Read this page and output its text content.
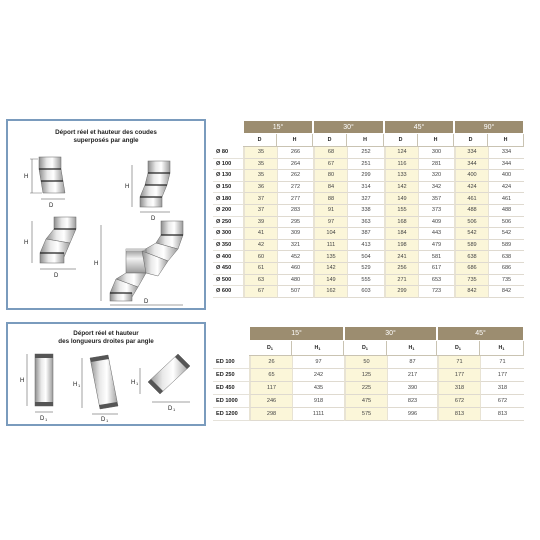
Déport réel et hauteur des coudes
superposés par angle
H
D
H
D
H
D
H
D
Déport réel et hauteur
des longueurs droites par angle
H
D 1
H 1
D 1
H 1
D 1
	15°		30°		45°		90°	
	D	H	D	H	D	H	D	H
Ø 80	35	266	68	252	124	300	334	334
Ø 100	35	264	67	251	116	281	344	344
Ø 130	35	262	80	299	133	320	400	400
Ø 150	36	272	84	314	142	342	424	424
Ø 180	37	277	88	327	149	357	461	461
Ø 200	37	283	91	338	155	373	488	488
Ø 250	39	295	97	363	168	409	506	506
Ø 300	41	309	104	387	184	443	542	542
Ø 350	42	321	111	413	198	479	589	589
Ø 400	60	452	135	504	241	581	638	638
Ø 450	61	460	142	529	256	617	686	686
Ø 500	63	480	149	555	271	653	735	735
Ø 600	67	507	162	603	299	723	842	842
	15°		30°		45°	
	$D_1$	$H_1$	$D_1$	$H_1$	$D_1$	$H_1$
ED 100	26	97	50	87	71	71
ED 250	65	242	125	217	177	177
ED 450	117	435	225	390	318	318
ED 1000	246	918	475	823	672	672
ED 1200	298	1111	575	996	813	813
